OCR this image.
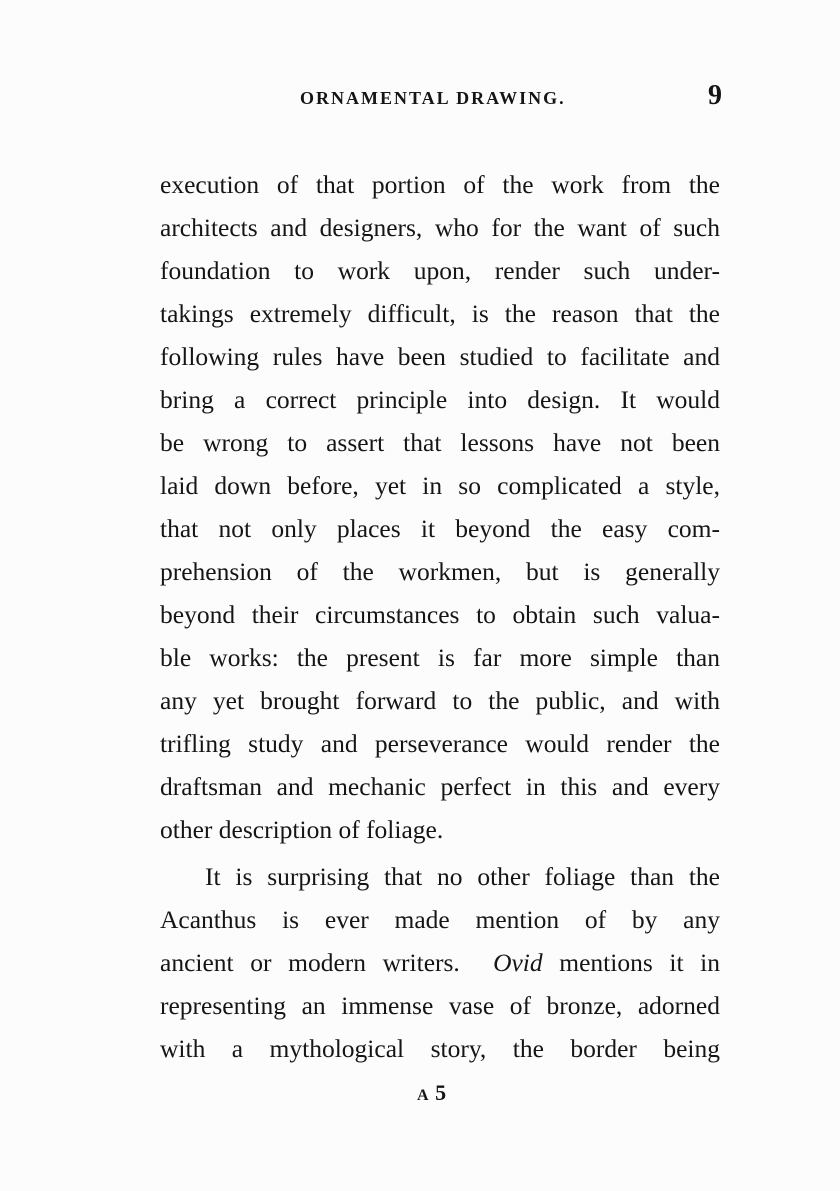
ORNAMENTAL DRAWING.	9
execution of that portion of the work from the
architects and designers, who for the want of such
foundation to work upon, render such under-
takings extremely difficult, is the reason that the
following rules have been studied to facilitate and
bring a correct principle into design. It would
be wrong to assert that lessons have not been
laid down before, yet in so complicated a style,
that not only places it beyond the easy com-
prehension of the workmen, but is generally
beyond their circumstances to obtain such valua-
ble works: the present is far more simple than
any yet brought forward to the public, and with
trifling study and perseverance would render the
draftsman and mechanic perfect in this and every
other description of foliage.
It is surprising that no other foliage than the
Acanthus is ever made mention of by any
ancient or modern writers. Ovid mentions it in
representing an immense vase of bronze, adorned
with a mythological story, the border being
A 5
